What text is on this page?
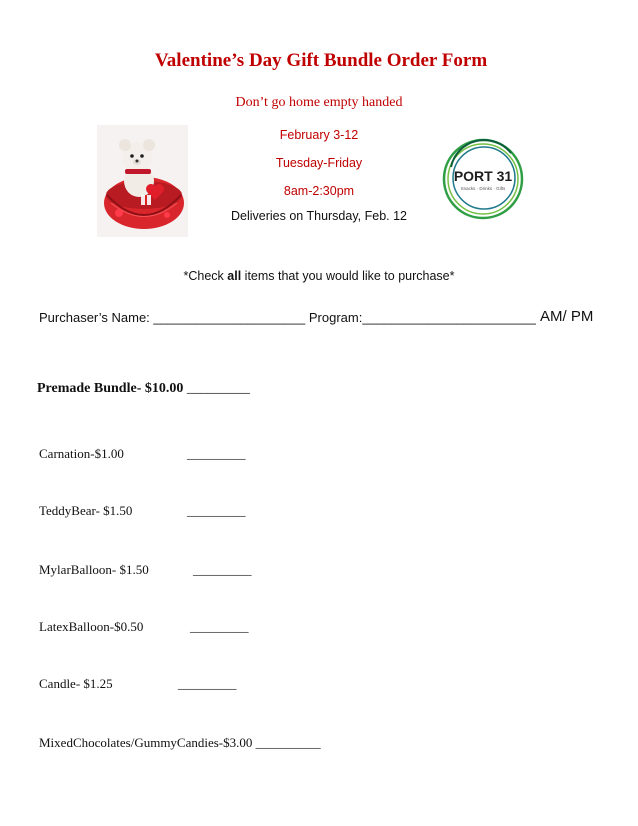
Valentine’s Day Gift Bundle Order Form
Don’t go home empty handed
February 3-12
Tuesday-Friday
8am-2:30pm
Deliveries on Thursday, Feb. 12
PORT 31
Snacks · Drinks · Gifts
*Check all items that you would like to purchase*
Purchaser’s Name: _____________________ Program:________________________ AM/ PM
Premade Bundle- $10.00 _________
Carnation-$1.00	_________
TeddyBear- $1.50	_________
MylarBalloon- $1.50	_________
LatexBalloon-$0.50	_________
Candle- $1.25	_________
MixedChocolates/GummyCandies-$3.00 __________
